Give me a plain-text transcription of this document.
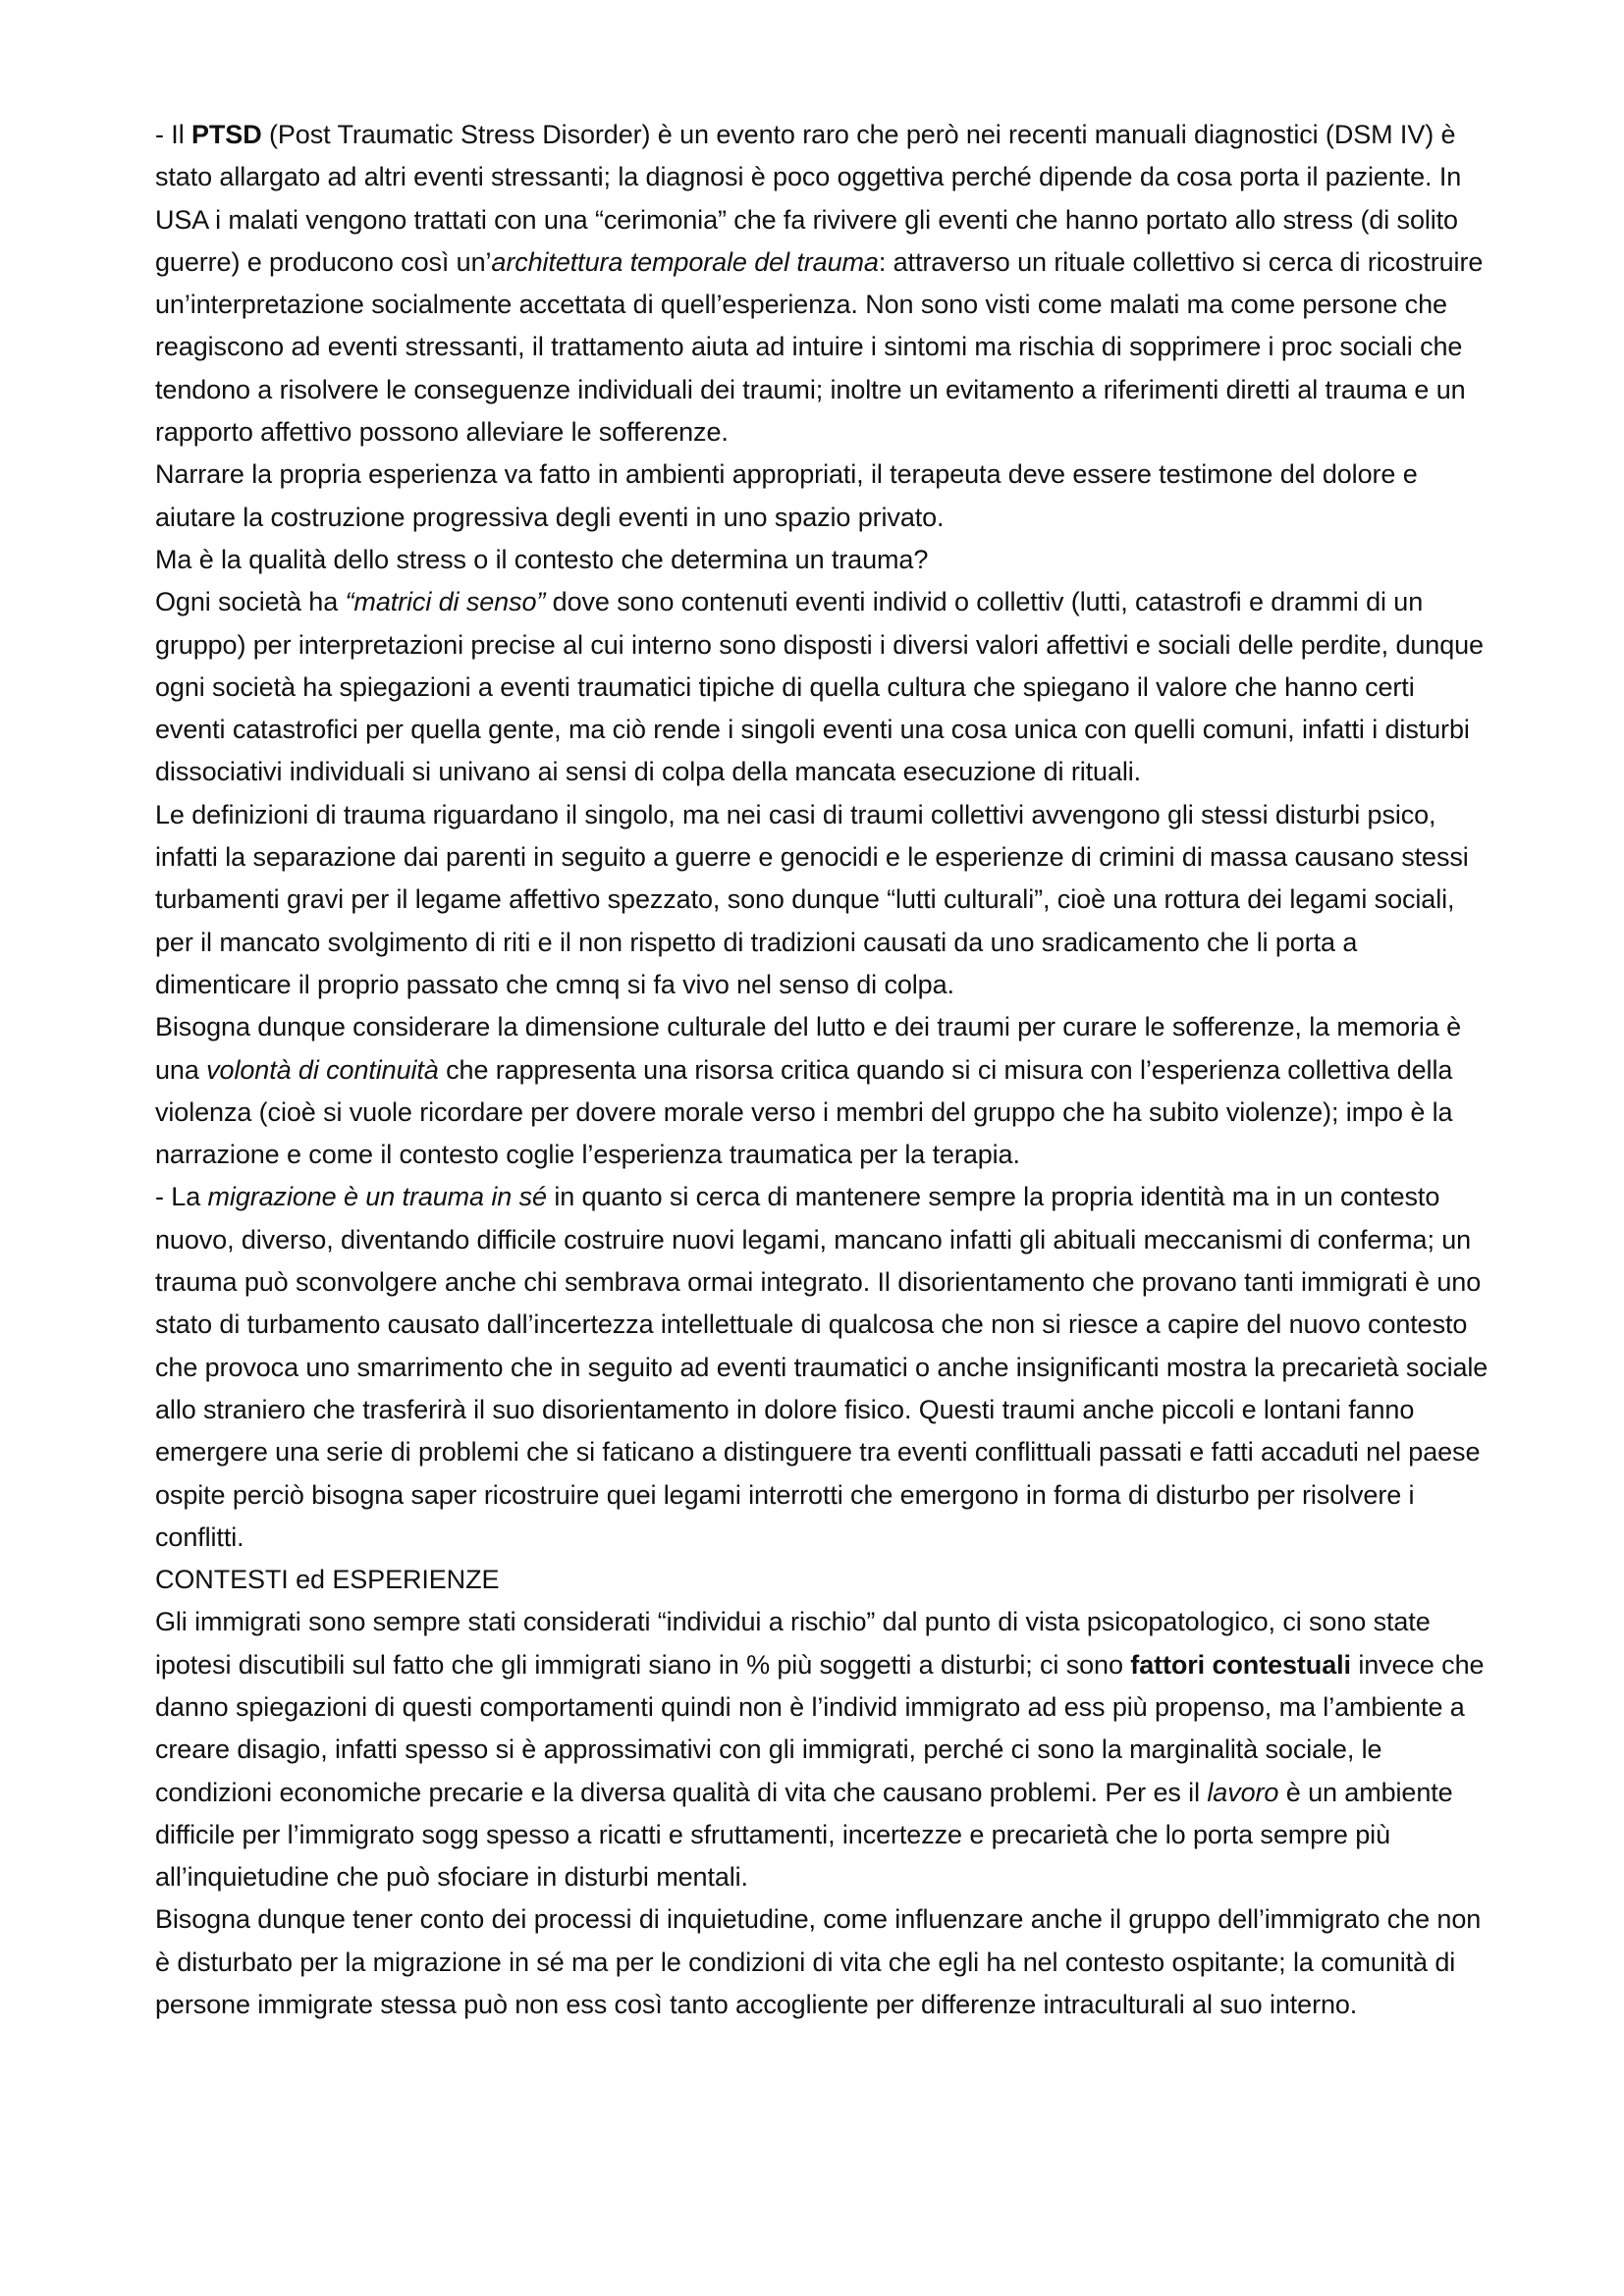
- Il PTSD (Post Traumatic Stress Disorder) è un evento raro che però nei recenti manuali diagnostici (DSM IV) è stato allargato ad altri eventi stressanti; la diagnosi è poco oggettiva perché dipende da cosa porta il paziente. In USA i malati vengono trattati con una “cerimonia” che fa rivivere gli eventi che hanno portato allo stress (di solito guerre) e producono così un’architettura temporale del trauma: attraverso un rituale collettivo si cerca di ricostruire un’interpretazione socialmente accettata di quell’esperienza. Non sono visti come malati ma come persone che reagiscono ad eventi stressanti, il trattamento aiuta ad intuire i sintomi ma rischia di sopprimere i proc sociali che tendono a risolvere le conseguenze individuali dei traumi; inoltre un evitamento a riferimenti diretti al trauma e un rapporto affettivo possono alleviare le sofferenze.

Narrare la propria esperienza va fatto in ambienti appropriati, il terapeuta deve essere testimone del dolore e aiutare la costruzione progressiva degli eventi in uno spazio privato.

Ma è la qualità dello stress o il contesto che determina un trauma?

Ogni società ha “matrici di senso” dove sono contenuti eventi individ o collettiv (lutti, catastrofi e drammi di un gruppo) per interpretazioni precise al cui interno sono disposti i diversi valori affettivi e sociali delle perdite, dunque ogni società ha spiegazioni a eventi traumatici tipiche di quella cultura che spiegano il valore che hanno certi eventi catastrofici per quella gente, ma ciò rende i singoli eventi una cosa unica con quelli comuni, infatti i disturbi dissociativi individuali si univano ai sensi di colpa della mancata esecuzione di rituali.

Le definizioni di trauma riguardano il singolo, ma nei casi di traumi collettivi avvengono gli stessi disturbi psico, infatti la separazione dai parenti in seguito a guerre e genocidi e le esperienze di crimini di massa causano stessi turbamenti gravi per il legame affettivo spezzato, sono dunque “lutti culturali”, cioè una rottura dei legami sociali, per il mancato svolgimento di riti e il non rispetto di tradizioni causati da uno sradicamento che li porta a dimenticare il proprio passato che cmnq si fa vivo nel senso di colpa.

Bisogna dunque considerare la dimensione culturale del lutto e dei traumi per curare le sofferenze, la memoria è una volontà di continuità che rappresenta una risorsa critica quando si ci misura con l’esperienza collettiva della violenza (cioè si vuole ricordare per dovere morale verso i membri del gruppo che ha subito violenze); impo è la narrazione e come il contesto coglie l’esperienza traumatica per la terapia.

- La migrazione è un trauma in sé in quanto si cerca di mantenere sempre la propria identità ma in un contesto nuovo, diverso, diventando difficile costruire nuovi legami, mancano infatti gli abituali meccanismi di conferma; un trauma può sconvolgere anche chi sembrava ormai integrato. Il disorientamento che provano tanti immigrati è uno stato di turbamento causato dall’incertezza intellettuale di qualcosa che non si riesce a capire del nuovo contesto che provoca uno smarrimento che in seguito ad eventi traumatici o anche insignificanti mostra la precarietà sociale allo straniero che trasferirà il suo disorientamento in dolore fisico. Questi traumi anche piccoli e lontani fanno emergere una serie di problemi che si faticano a distinguere tra eventi conflittuali passati e fatti accaduti nel paese ospite perciò bisogna saper ricostruire quei legami interrotti che emergono in forma di disturbo per risolvere i conflitti.

CONTESTI ed ESPERIENZE

Gli immigrati sono sempre stati considerati “individui a rischio” dal punto di vista psicopatologico, ci sono state ipotesi discutibili sul fatto che gli immigrati siano in % più soggetti a disturbi; ci sono fattori contestuali invece che danno spiegazioni di questi comportamenti quindi non è l’individ immigrato ad ess più propenso, ma l’ambiente a creare disagio, infatti spesso si è approssimativi con gli immigrati, perché ci sono la marginalità sociale, le condizioni economiche precarie e la diversa qualità di vita che causano problemi. Per es il lavoro è un ambiente difficile per l’immigrato sogg spesso a ricatti e sfruttamenti, incertezze e precarietà che lo porta sempre più all’inquietudine che può sfociare in disturbi mentali.

Bisogna dunque tener conto dei processi di inquietudine, come influenzare anche il gruppo dell’immigrato che non è disturbato per la migrazione in sé ma per le condizioni di vita che egli ha nel contesto ospitante; la comunità di persone immigrate stessa può non ess così tanto accogliente per differenze intraculturali al suo interno.
